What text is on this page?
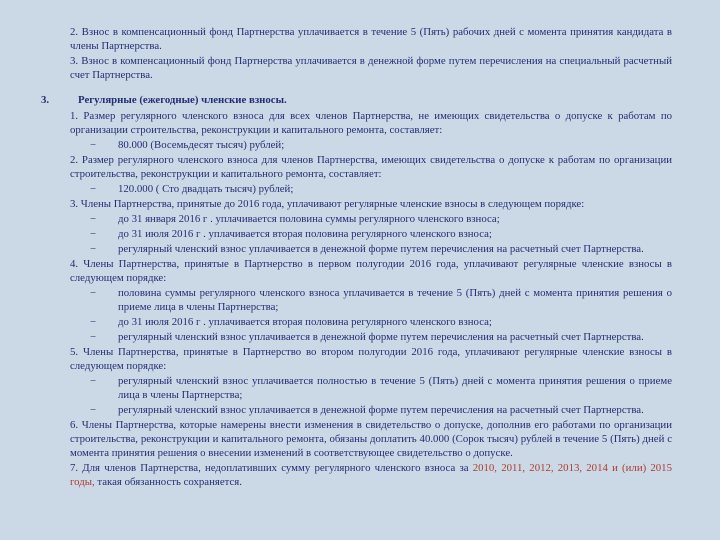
2. Взнос в компенсационный фонд Партнерства уплачивается в течение 5 (Пять) рабочих дней с момента принятия кандидата в члены Партнерства.
3. Взнос в компенсационный фонд Партнерства уплачивается в денежной форме путем перечисления на специальный расчетный счет Партнерства.
3.	Регулярные (ежегодные) членские взносы.
1. Размер регулярного членского взноса для всех членов Партнерства, не имеющих свидетельства о допуске к работам по организации строительства, реконструкции и капитального ремонта, составляет:
−	80.000 (Восемьдесят тысяч) рублей;
2. Размер регулярного членского взноса для членов Партнерства, имеющих свидетельства о допуске к работам по организации строительства, реконструкции и капитального ремонта, составляет:
−	120.000 ( Сто двадцать тысяч) рублей;
3. Члены Партнерства, принятые до 2016 года, уплачивают регулярные членские взносы в следующем порядке:
−	до 31 января 2016 г . уплачивается половина суммы регулярного членского взноса;
−	до 31 июля 2016 г . уплачивается вторая половина регулярного членского взноса;
−	регулярный членский взнос уплачивается в денежной форме путем перечисления на расчетный счет Партнерства.
4. Члены Партнерства, принятые в Партнерство в первом полугодии 2016 года, уплачивают регулярные членские взносы в следующем порядке:
−	половина суммы регулярного членского взноса уплачивается в течение 5 (Пять) дней с момента принятия решения о приеме лица в члены Партнерства;
−	до 31 июля 2016 г . уплачивается вторая половина регулярного членского взноса;
−	регулярный членский взнос уплачивается в денежной форме путем перечисления на расчетный счет Партнерства.
5. Члены Партнерства, принятые в Партнерство во втором полугодии 2016 года, уплачивают регулярные членские взносы в следующем порядке:
−	регулярный членский взнос уплачивается полностью в течение 5 (Пять) дней с момента принятия решения о приеме лица в члены Партнерства;
−	регулярный членский взнос уплачивается в денежной форме путем перечисления на расчетный счет Партнерства.
6. Члены Партнерства, которые намерены внести изменения в свидетельство о допуске, дополнив его работами по организации строительства, реконструкции и капитального ремонта, обязаны доплатить 40.000 (Сорок тысяч) рублей в течение 5 (Пять) дней с момента принятия решения о внесении изменений в соответствующее свидетельство о допуске.
7. Для членов Партнерства, недоплативших сумму регулярного членского взноса за 2010, 2011, 2012, 2013, 2014 и (или) 2015 годы, такая обязанность сохраняется.
